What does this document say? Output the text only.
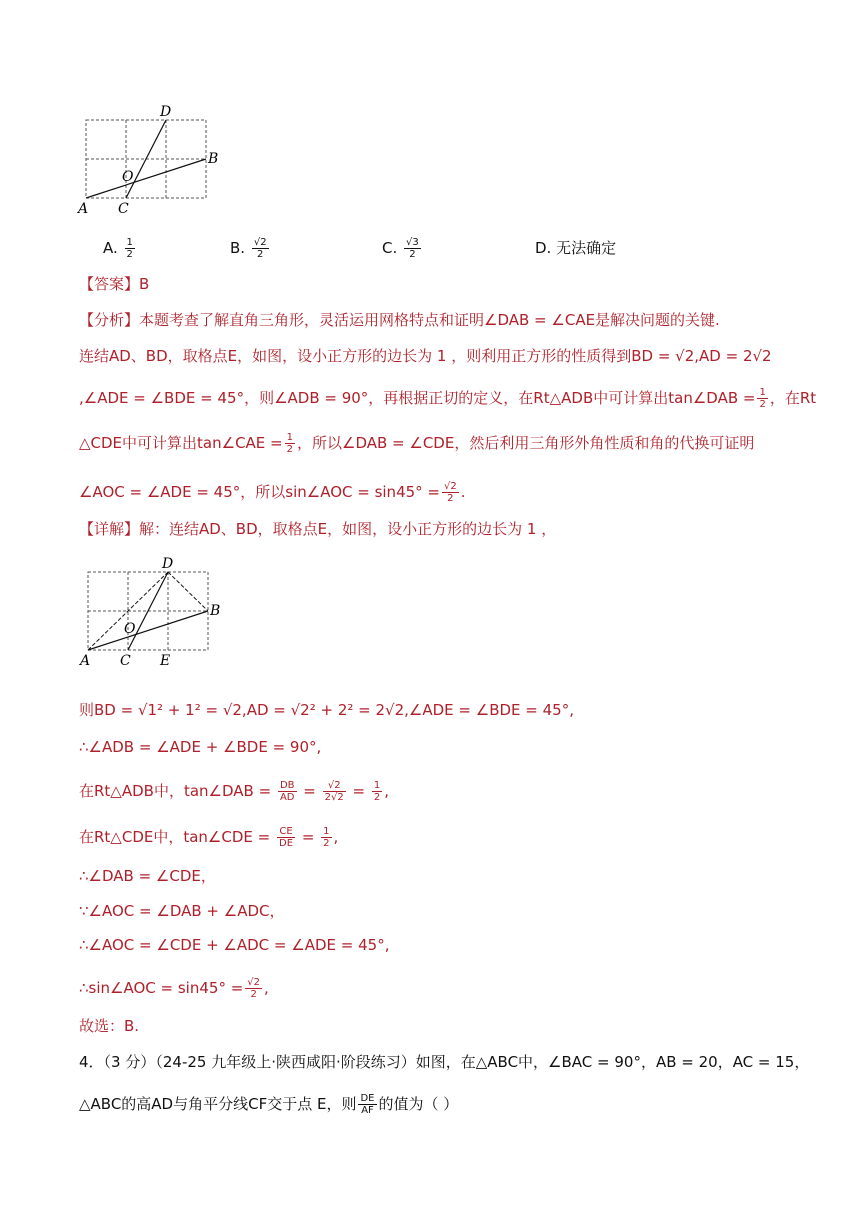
D
B
O
A C
A. $\frac{1}{2}$	B. $\frac{√2}{2}$	C. $\frac{√3}{2}$	D. 无法确定
【答案】B
【分析】本题考查了解直角三角形，灵活运用网格特点和证明∠DAB = ∠CAE是解决问题的关键.
连结AD、BD，取格点E，如图，设小正方形的边长为 1 ，则利用正方形的性质得到BD = √2,AD = 2√2
,∠ADE = ∠BDE = 45°，则∠ADB = 90°，再根据正切的定义，在Rt△ADB中可计算出tan∠DAB = $\frac{1}{2}$ ，在Rt
△CDE中可计算出tan∠CAE = $\frac{1}{2}$ ，所以∠DAB = ∠CDE，然后利用三角形外角性质和角的代换可证明
∠AOC = ∠ADE = 45°，所以sin∠AOC = $\sin 45^\circ = \frac{√2}{2}$ .
【详解】解：连结AD、BD，取格点E，如图，设小正方形的边长为 1 ，
D
B
O
A C E
则BD = √1² + 1² = √2,AD = √2² + 2² = 2√2,∠ADE = ∠BDE = 45°,
∴∠ADB = ∠ADE + ∠BDE = 90°,
在Rt△ADB中，tan∠DAB = $\frac{DB}{AD} = \frac{√2}{2√2} = \frac{1}{2}$ ,
在Rt△CDE中，tan∠CDE = $\frac{CE}{DE} = \frac{1}{2}$ ,
∴∠DAB = ∠CDE，
∵∠AOC = ∠DAB + ∠ADC，
∴∠AOC = ∠CDE + ∠ADC = ∠ADE = 45°,
∴sin∠AOC = $\sin 45^\circ = \frac{√2}{2}$ ,
故选：B.
4．（3 分）（24-25 九年级上·陕西咸阳·阶段练习）如图，在△ABC中，∠BAC = 90°，AB = 20，AC = 15，
△ABC的高AD与角平分线CF交于点 E，则 $\frac{DE}{AF}$ 的值为（ ）
